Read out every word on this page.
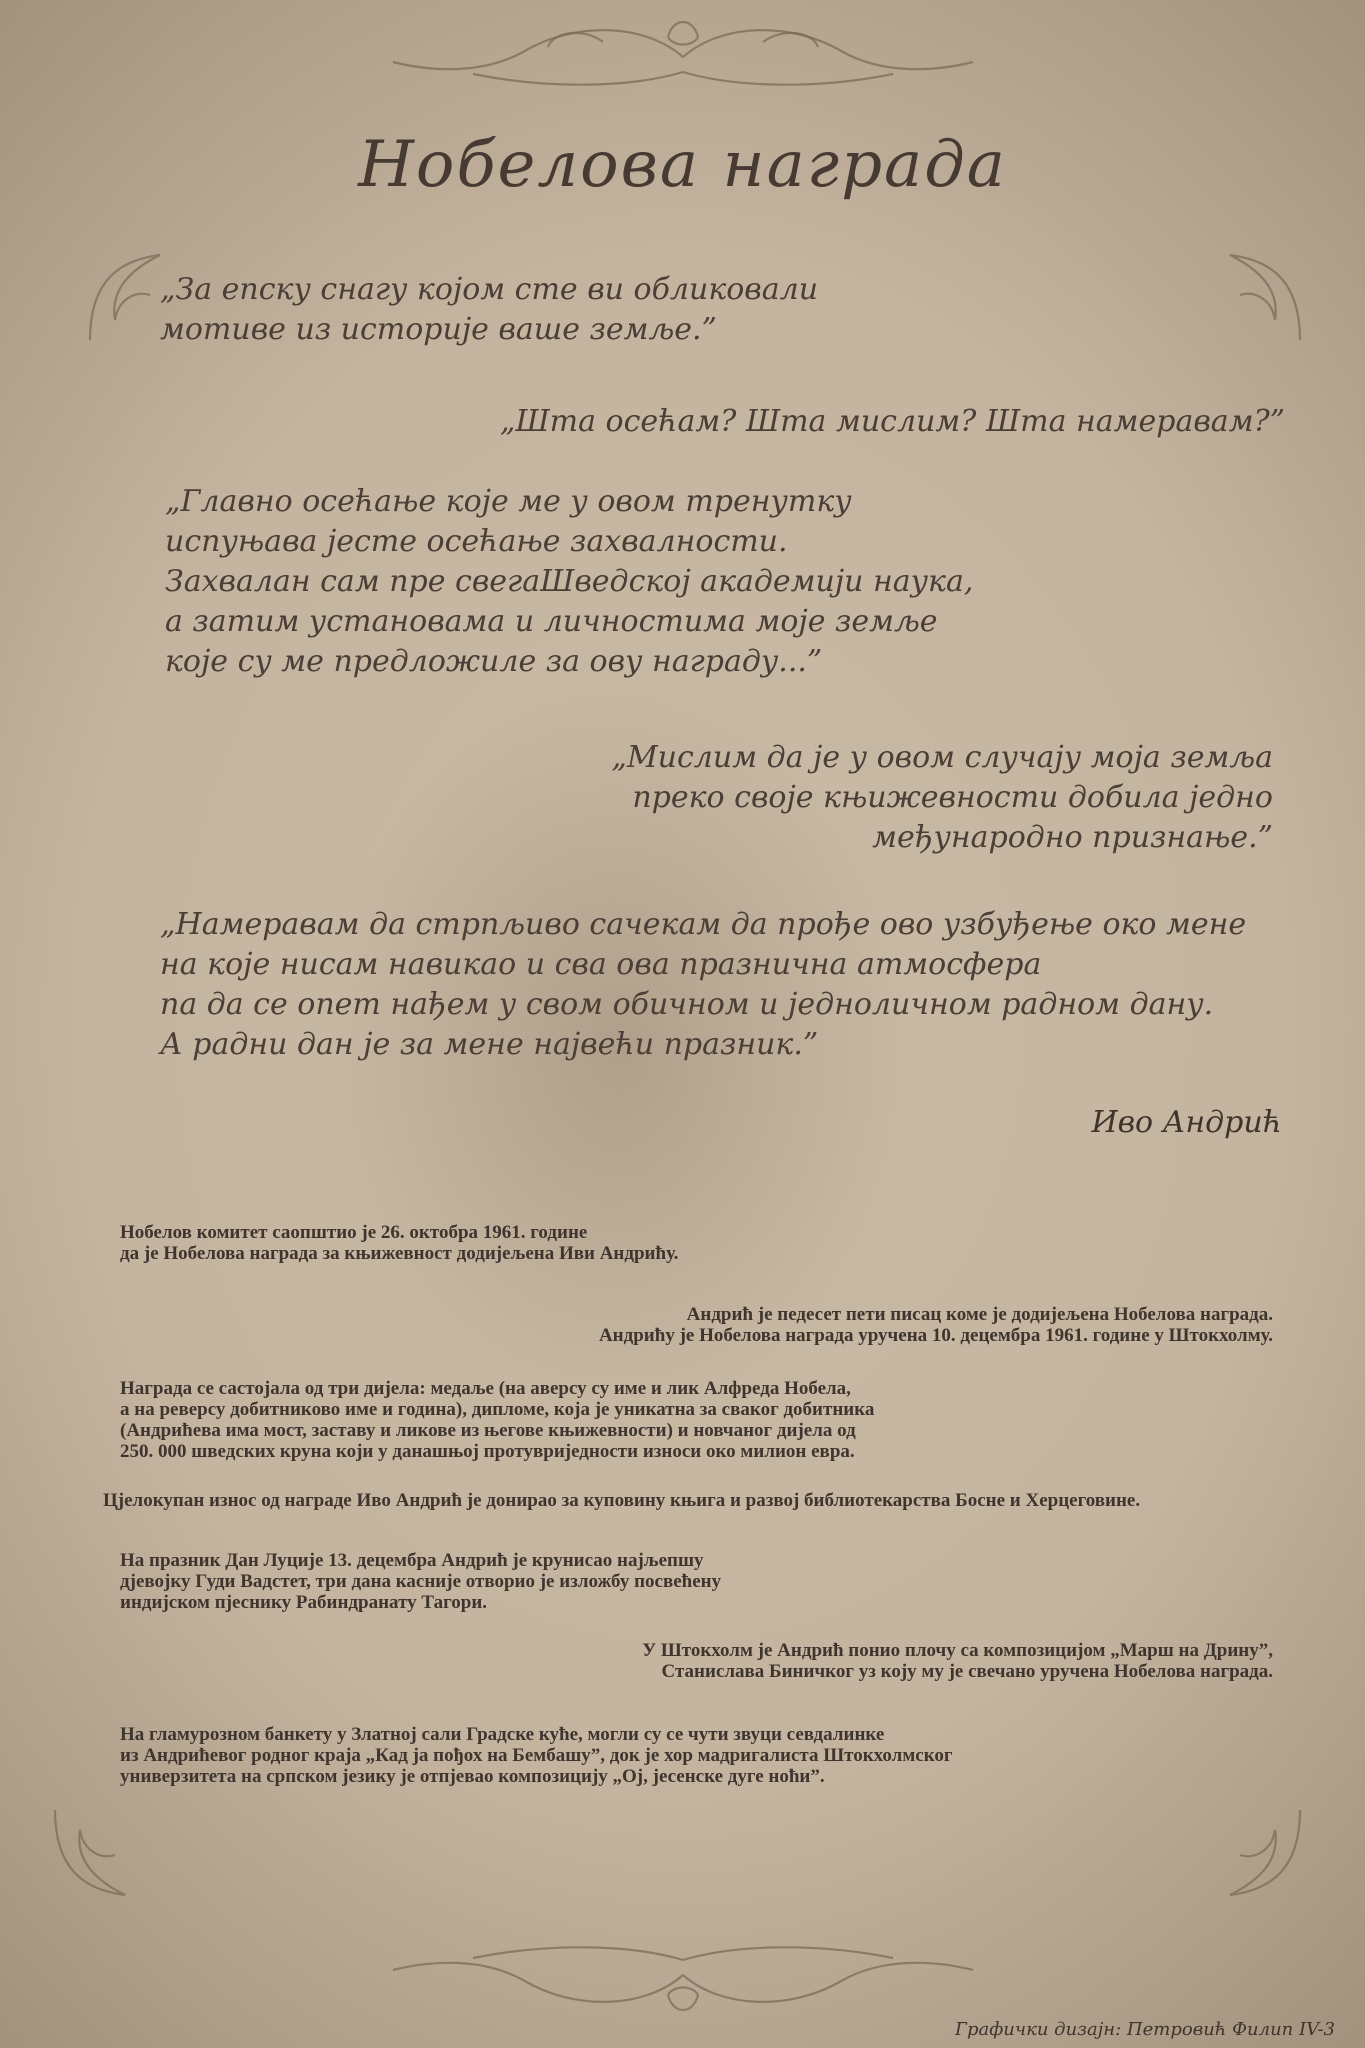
Нобелова награда
„За епску снагу којом сте ви обликовали
мотиве из историје ваше земље.”
„Шта осећам? Шта мислим? Шта намеравам?”
„Главно осећање које ме у овом тренутку
испуњава јесте осећање захвалности.
Захвалан сам пре свегаШведској академији наука,
а затим установама и личностима моје земље
које су ме предложиле за ову награду...”
„Мислим да је у овом случају моја земља
преко своје књижевности добила једно
међународно признање.”
„Намеравам да стрпљиво сачекам да прође ово узбуђење око мене
на које нисам навикао и сва ова празнична атмосфера
па да се опет нађем у свом обичном и једноличном радном дану.
А радни дан је за мене највећи празник.”
Иво Андрић
Нобелов комитет саопштио је 26. октобра 1961. године
да је Нобелова награда за књижевност додијељена Иви Андрићу.
Андрић је педесет пети писац коме је додијељена Нобелова награда.
Андрићу је Нобелова награда уручена 10. децембра 1961. године у Штокхолму.
Награда се састојала од три дијела: медаље (на аверсу су име и лик Алфреда Нобела,
а на реверсу добитниково име и година), дипломе, која је уникатна за сваког добитника
(Андрићева има мост, заставу и ликове из његове књижевности) и новчаног дијела од
250. 000 шведских круна који у данашњој протувриједности износи око милион евра.
Цјелокупан износ од награде Иво Андрић је донирао за куповину књига и развој библиотекарства Босне и Херцеговине.
На празник Дан Луције 13. децембра Андрић је крунисао најљепшу
дјевојку Гуди Вадстет, три дана касније отворио је изложбу посвећену
индијском пјеснику Рабиндранату Тагори.
У Штокхолм је Андрић понио плочу са композицијом „Марш на Дрину”,
Станислава Биничког уз коју му је свечано уручена Нобелова награда.
На гламурозном банкету у Златној сали Градске куће, могли су се чути звуци севдалинке
из Андрићевог родног краја „Кад ја пођох на Бембашу”, док је хор мадригалиста Штокхолмског
универзитета на српском језику је отпјевао композицију „Ој, јесенске дуге ноћи”.
Графички дизајн: Петровић Филип IV-3
